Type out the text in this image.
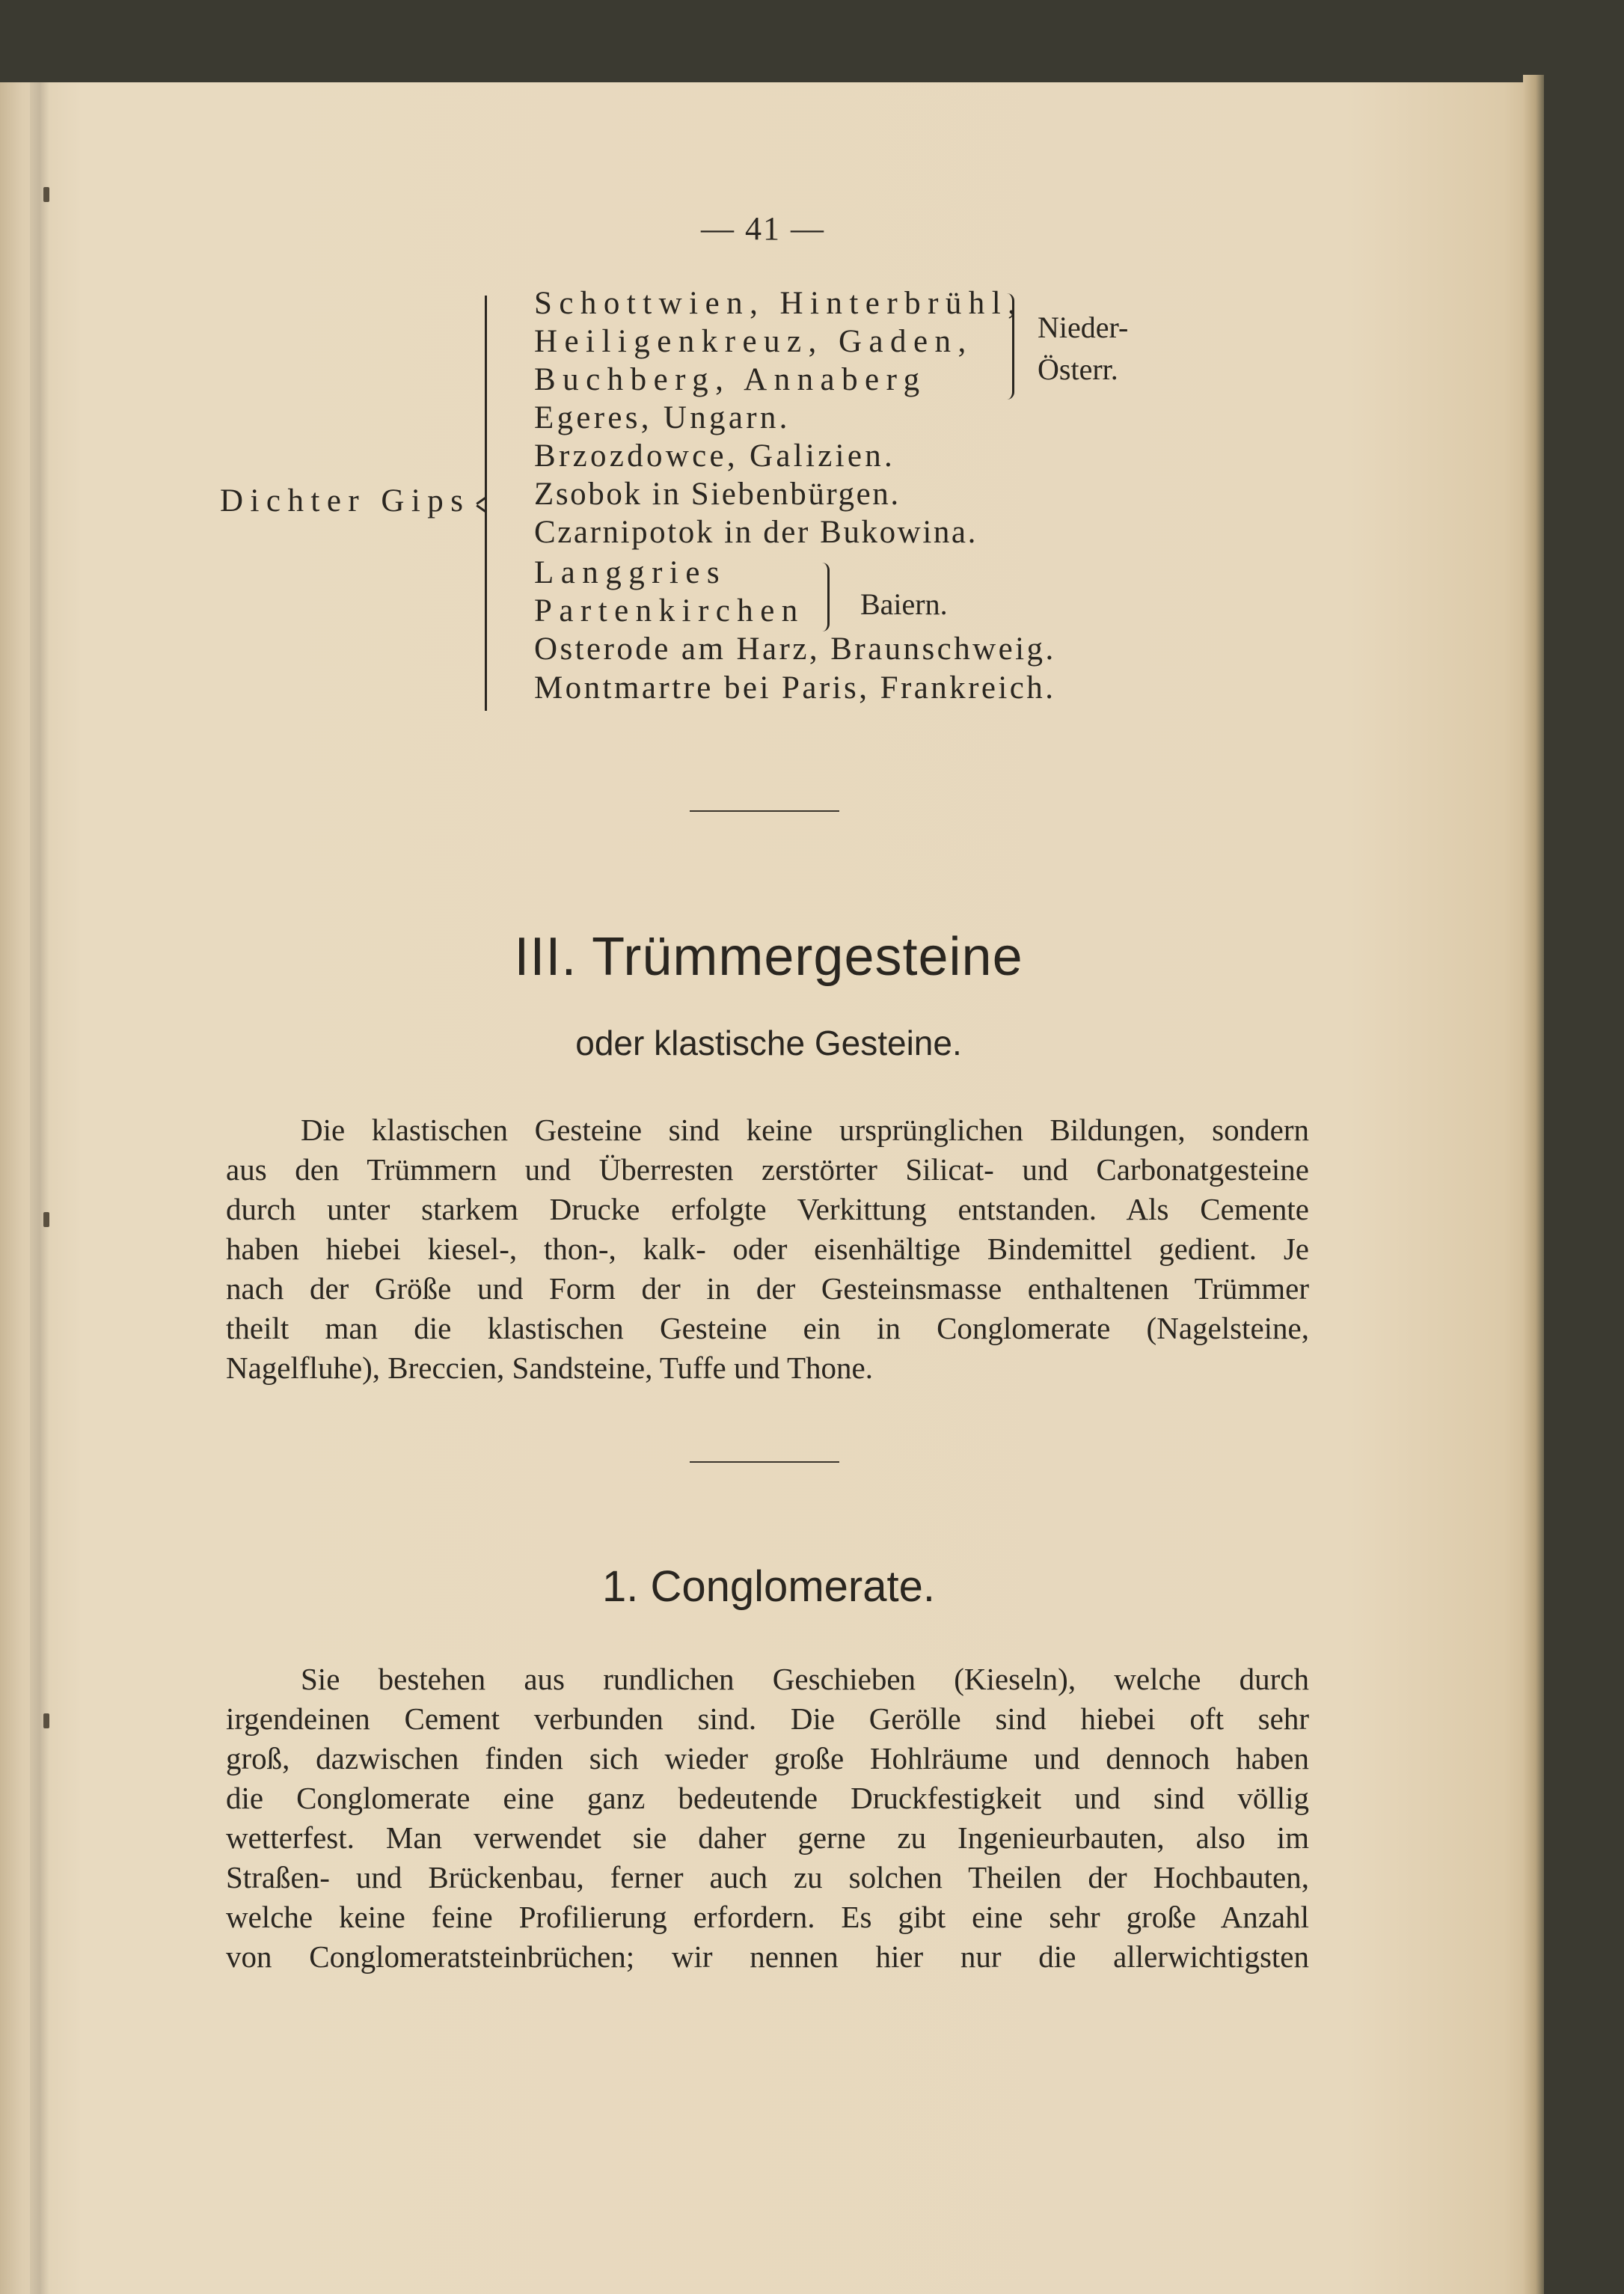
— 41 —
Dichter Gips
Schottwien, Hinterbrühl,
Heiligenkreuz, Gaden,
Buchberg, Annaberg
Egeres, Ungarn.
Brzozdowce, Galizien.
Zsobok in Siebenbürgen.
Czarnipotok in der Bukowina.
Langgries
Partenkirchen
Osterode am Harz, Braunschweig.
Montmartre bei Paris, Frankreich.
Nieder-
Österr.
Baiern.
III. Trümmergesteine
oder klastische Gesteine.
Die klastischen Gesteine sind keine ursprünglichen Bildungen, sondern
aus den Trümmern und Überresten zerstörter Silicat- und Carbonatgesteine
durch unter starkem Drucke erfolgte Verkittung entstanden. Als Cemente
haben hiebei kiesel-, thon-, kalk- oder eisenhältige Bindemittel gedient. Je
nach der Größe und Form der in der Gesteinsmasse enthaltenen Trümmer
theilt man die klastischen Gesteine ein in Conglomerate (Nagelsteine,
Nagelfluhe), Breccien, Sandsteine, Tuffe und Thone.
1. Conglomerate.
Sie bestehen aus rundlichen Geschieben (Kieseln), welche durch
irgendeinen Cement verbunden sind. Die Gerölle sind hiebei oft sehr
groß, dazwischen finden sich wieder große Hohlräume und dennoch haben
die Conglomerate eine ganz bedeutende Druckfestigkeit und sind völlig
wetterfest. Man verwendet sie daher gerne zu Ingenieurbauten, also im
Straßen- und Brückenbau, ferner auch zu solchen Theilen der Hochbauten,
welche keine feine Profilierung erfordern. Es gibt eine sehr große Anzahl
von Conglomeratsteinbrüchen; wir nennen hier nur die allerwichtigsten
